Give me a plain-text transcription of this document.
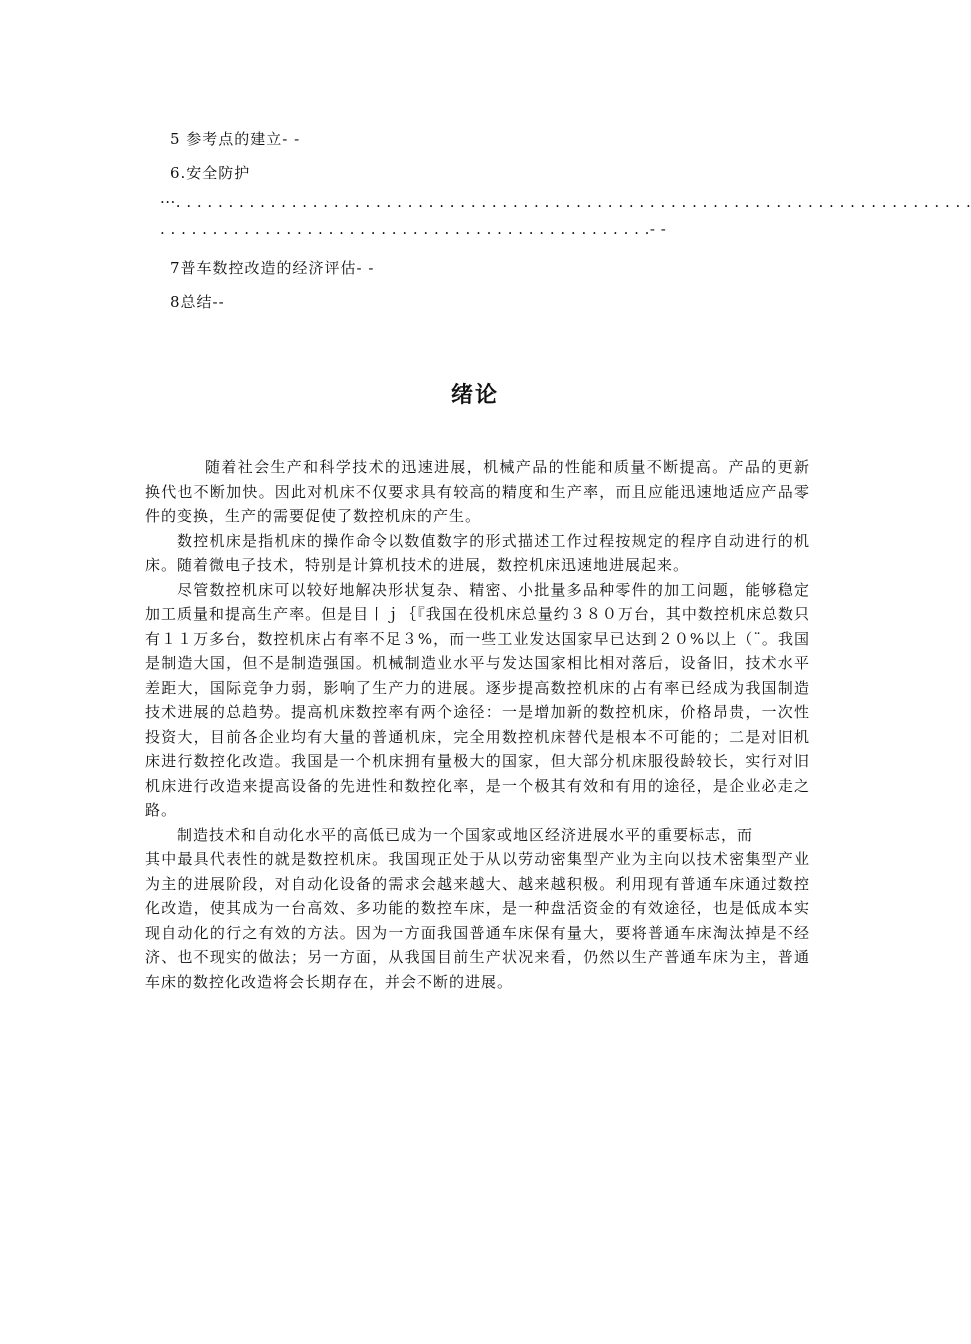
5 参考点的建立- -
6.安全防护
···. . . . . . . . . . . . . . . . . . . . . . . . . . . . . . . . . . . . . . . . . . . . . . . . . . . . . . . . . . . . . . . . . . . . . . . . . . . .
. . . . . . . . . . . . . . . . . . . . . . . . . . . . . . . . . . . . . . . . . . . . . . .- -
7普车数控改造的经济评估- -
8总结--
绪论

随着社会生产和科学技术的迅速进展，机械产品的性能和质量不断提高。产品的更新换代也不断加快。因此对机床不仅要求具有较高的精度和生产率，而且应能迅速地适应产品零件的变换，生产的需要促使了数控机床的产生。

数控机床是指机床的操作命令以数值数字的形式描述工作过程按规定的程序自动进行的机床。随着微电子技术，特别是计算机技术的进展，数控机床迅速地进展起来。

尽管数控机床可以较好地解决形状复杂、精密、小批量多品种零件的加工问题，能够稳定加工质量和提高生产率。但是目丨ｊ｛『我国在役机床总量约３８０万台，其中数控机床总数只有１１万多台，数控机床占有率不足３%，而一些工业发达国家早已达到２０%以上（¨。我国是制造大国，但不是制造强国。机械制造业水平与发达国家相比相对落后，设备旧，技术水平差距大，国际竞争力弱，影响了生产力的进展。逐步提高数控机床的占有率已经成为我国制造技术进展的总趋势。提高机床数控率有两个途径：一是增加新的数控机床，价格昂贵，一次性投资大，目前各企业均有大量的普通机床，完全用数控机床替代是根本不可能的；二是对旧机床进行数控化改造。我国是一个机床拥有量极大的国家，但大部分机床服役龄较长，实行对旧机床进行改造来提高设备的先进性和数控化率，是一个极其有效和有用的途径，是企业必走之路。

制造技术和自动化水平的高低已成为一个国家或地区经济进展水平的重要标志，而

其中最具代表性的就是数控机床。我国现正处于从以劳动密集型产业为主向以技术密集型产业为主的进展阶段，对自动化设备的需求会越来越大、越来越积极。利用现有普通车床通过数控化改造，使其成为一台高效、多功能的数控车床，是一种盘活资金的有效途径，也是低成本实现自动化的行之有效的方法。因为一方面我国普通车床保有量大，要将普通车床淘汰掉是不经济、也不现实的做法；另一方面，从我国目前生产状况来看，仍然以生产普通车床为主，普通车床的数控化改造将会长期存在，并会不断的进展。
